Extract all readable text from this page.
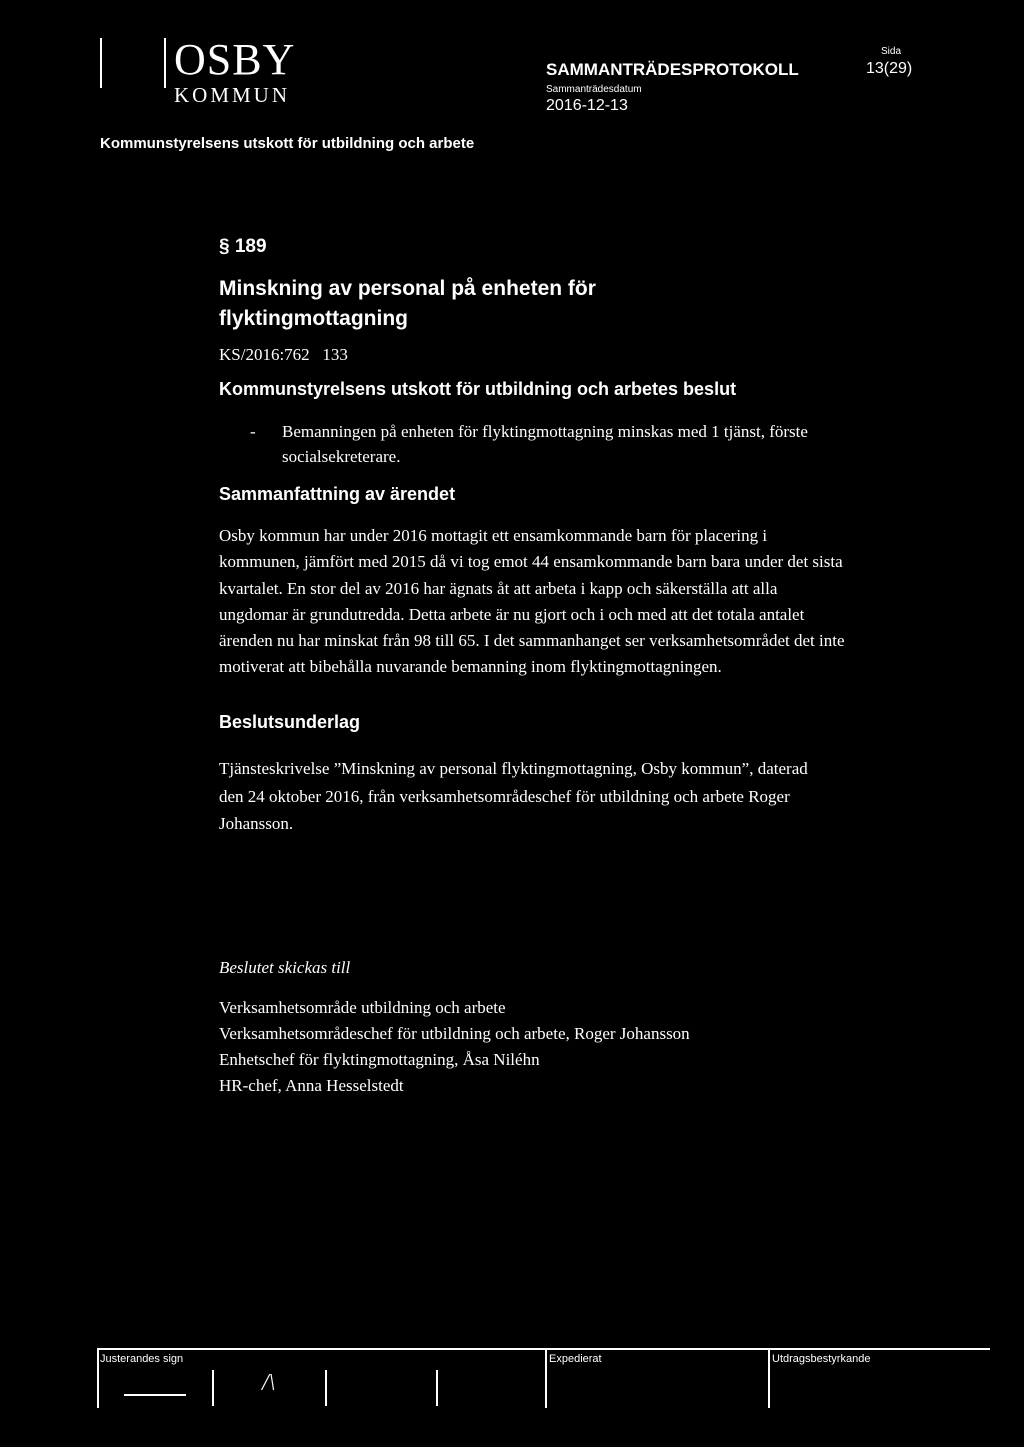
OSBY
KOMMUN
Kommunstyrelsens utskott för utbildning och arbete
SAMMANTRÄDESPROTOKOLL
Sammanträdesdatum
2016-12-13
Sida
13(29)
§ 189
Minskning av personal på enheten för flyktingmottagning
KS/2016:762   133
Kommunstyrelsens utskott för utbildning och arbetes beslut
- Bemanningen på enheten för flyktingmottagning minskas med 1 tjänst, förste socialsekreterare.
Sammanfattning av ärendet
Osby kommun har under 2016 mottagit ett ensamkommande barn för placering i kommunen, jämfört med 2015 då vi tog emot 44 ensamkommande barn bara under det sista kvartalet. En stor del av 2016 har ägnats åt att arbeta i kapp och säkerställa att alla ungdomar är grundutredda. Detta arbete är nu gjort och i och med att det totala antalet ärenden nu har minskat från 98 till 65. I det sammanhanget ser verksamhetsområdet det inte motiverat att bibehålla nuvarande bemanning inom flyktingmottagningen.
Beslutsunderlag
Tjänsteskrivelse ”Minskning av personal flyktingmottagning, Osby kommun”, daterad den 24 oktober 2016, från verksamhetsområdeschef för utbildning och arbete Roger Johansson.
Beslutet skickas till
Verksamhetsområde utbildning och arbete
Verksamhetsområdeschef för utbildning och arbete, Roger Johansson
Enhetschef för flyktingmottagning, Åsa Niléhn
HR-chef, Anna Hesselstedt
Justerandes sign	Expedierat	Utdragsbestyrkande
/\
